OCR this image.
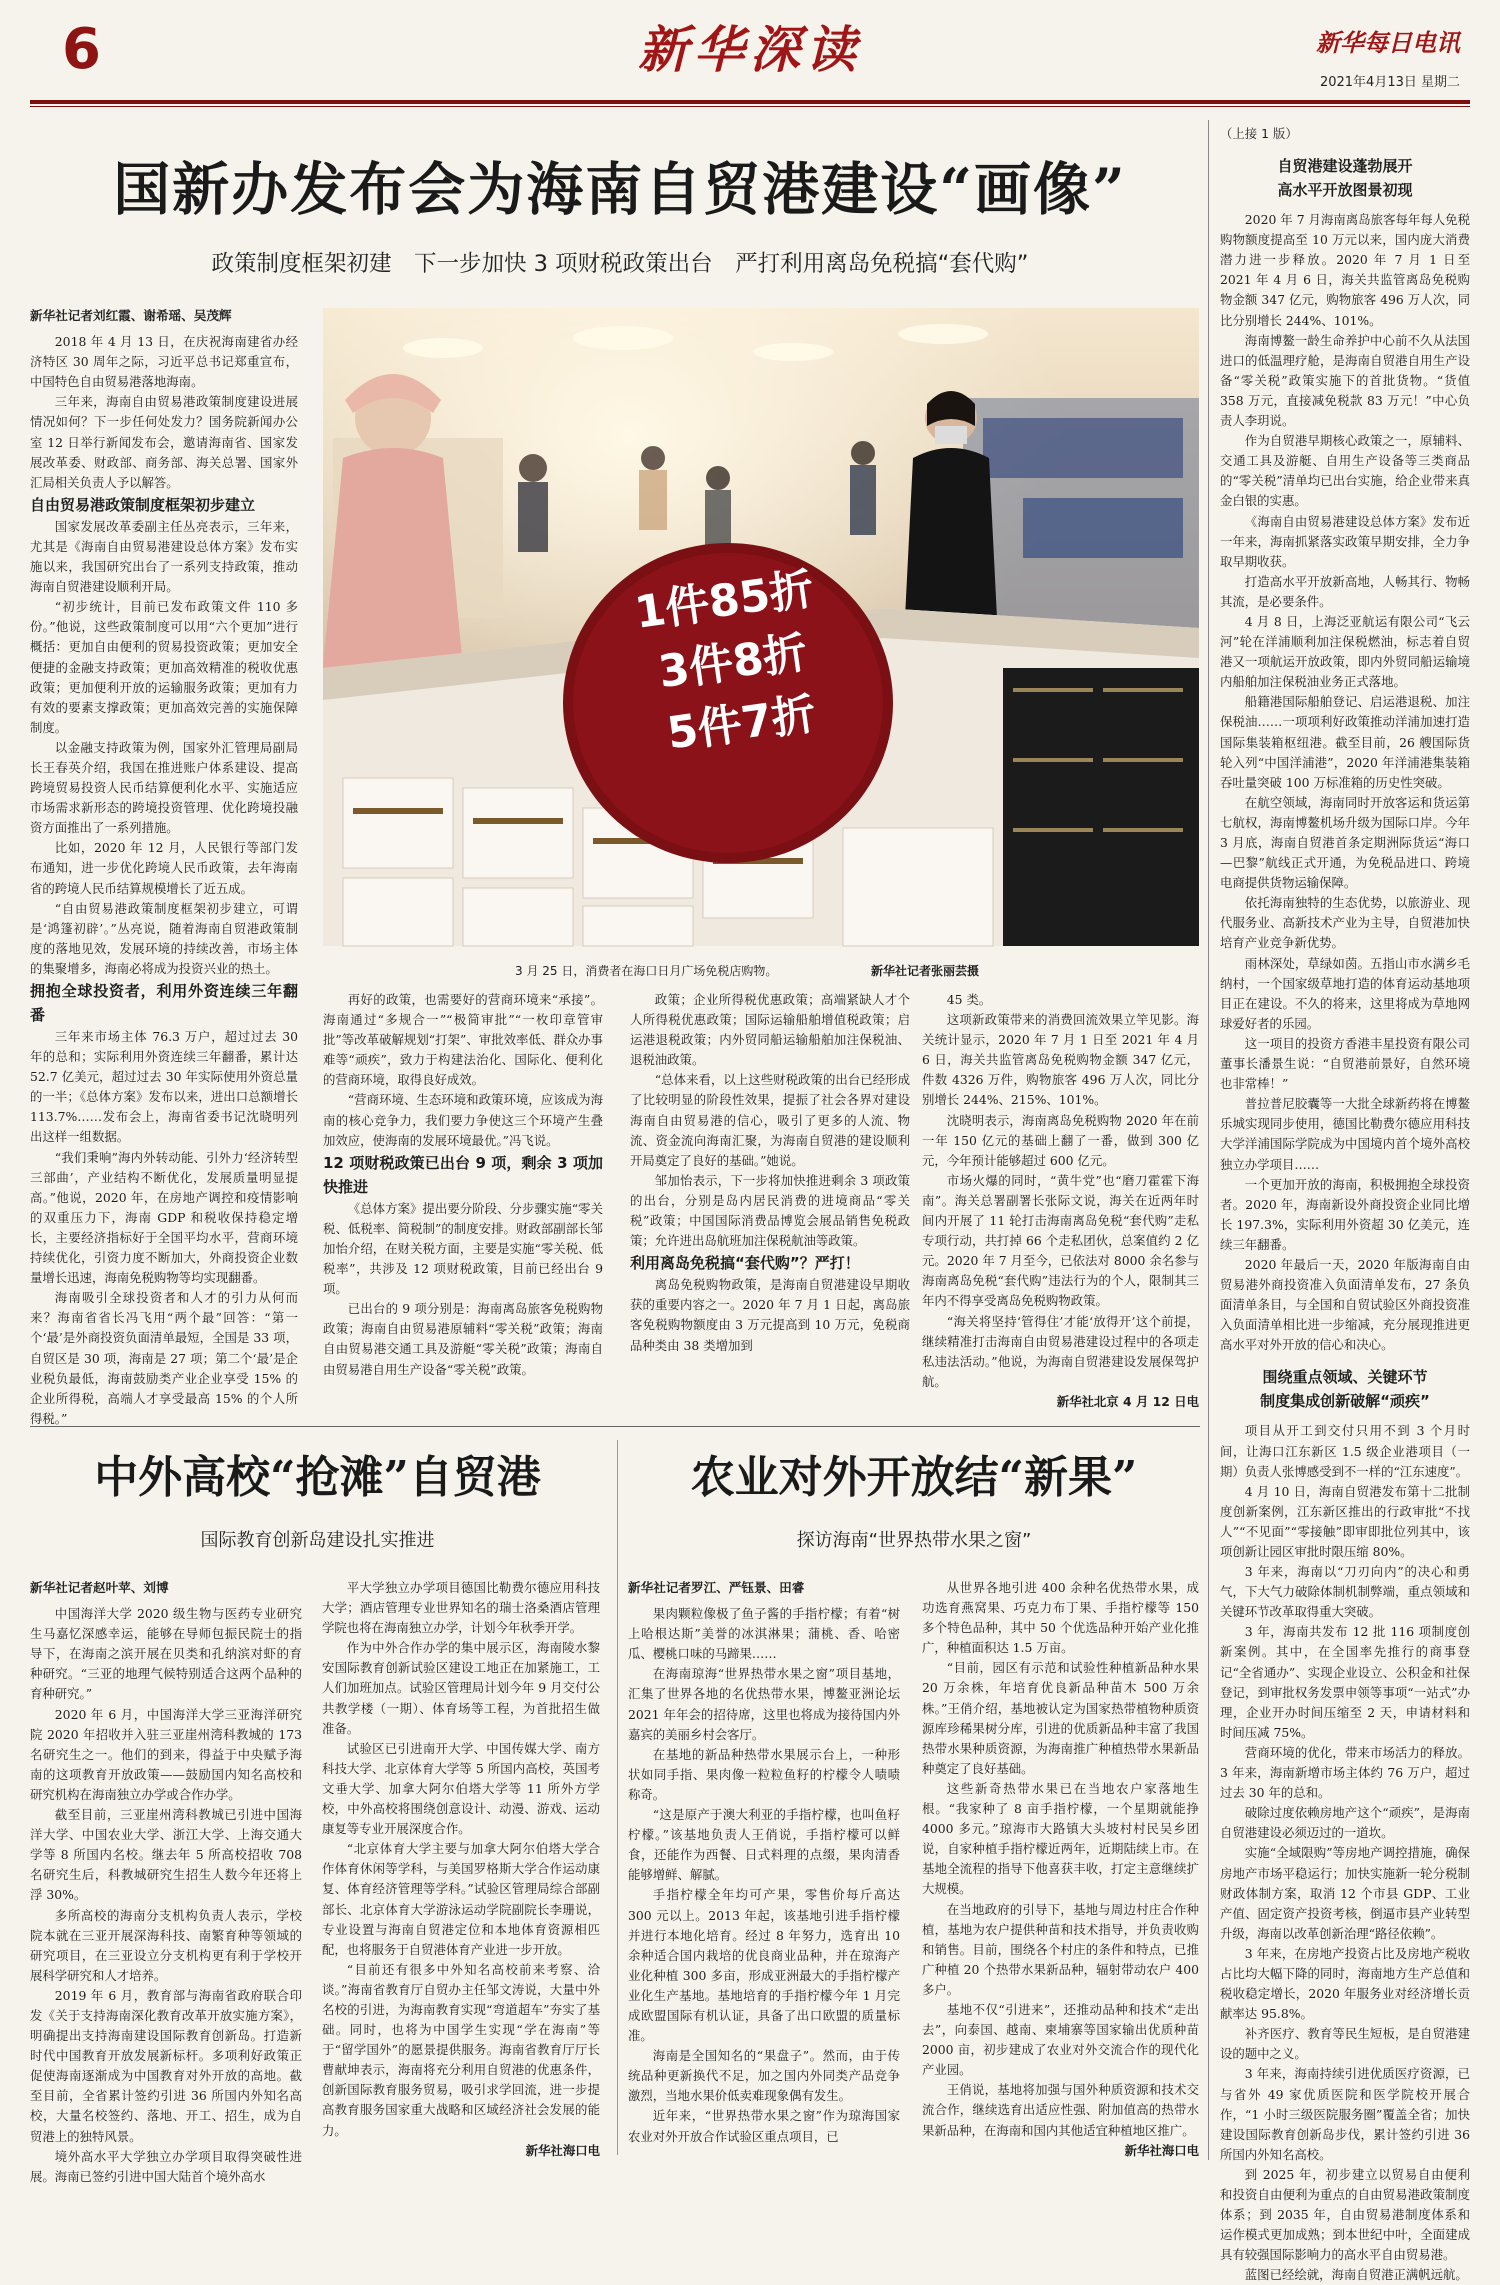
6	新华深读	新华每日电讯
2021年4月13日 星期二
国新办发布会为海南自贸港建设“画像”
政策制度框架初建　下一步加快 3 项财税政策出台　严打利用离岛免税搞“套代购”
1件85折
3件8折
5件7折
3 月 25 日，消费者在海口日月广场免税店购物。	新华社记者张丽芸摄
新华社记者刘红霞、谢希瑶、吴茂辉

2018 年 4 月 13 日，在庆祝海南建省办经济特区 30 周年之际，习近平总书记郑重宣布，中国特色自由贸易港落地海南。

三年来，海南自由贸易港政策制度建设进展情况如何？下一步任何处发力？国务院新闻办公室 12 日举行新闻发布会，邀请海南省、国家发展改革委、财政部、商务部、海关总署、国家外汇局相关负责人予以解答。

自由贸易港政策制度框架初步建立

国家发展改革委副主任丛亮表示，三年来，尤其是《海南自由贸易港建设总体方案》发布实施以来，我国研究出台了一系列支持政策，推动海南自贸港建设顺利开局。

“初步统计，目前已发布政策文件 110 多份。”他说，这些政策制度可以用“六个更加”进行概括：更加自由便利的贸易投资政策；更加安全便捷的金融支持政策；更加高效精准的税收优惠政策；更加便利开放的运输服务政策；更加有力有效的要素支撑政策；更加高效完善的实施保障制度。

以金融支持政策为例，国家外汇管理局副局长王春英介绍，我国在推进账户体系建设、提高跨境贸易投资人民币结算便利化水平、实施适应市场需求新形态的跨境投资管理、优化跨境投融资方面推出了一系列措施。

比如，2020 年 12 月，人民银行等部门发布通知，进一步优化跨境人民币政策，去年海南省的跨境人民币结算规模增长了近五成。

“自由贸易港政策制度框架初步建立，可谓是‘鸿篷初辟’。”丛亮说，随着海南自贸港政策制度的落地见效，发展环境的持续改善，市场主体的集聚增多，海南必将成为投资兴业的热土。

拥抱全球投资者，利用外资连续三年翻番

三年来市场主体 76.3 万户，超过过去 30 年的总和；实际利用外资连续三年翻番，累计达 52.7 亿美元，超过过去 30 年实际使用外资总量的一半；《总体方案》发布以来，进出口总额增长 113.7%……发布会上，海南省委书记沈晓明列出这样一组数据。

“我们秉响”海内外转动能、引外力‘经济转型三部曲’，产业结构不断优化，发展质量明显提高。”他说，2020 年，在房地产调控和疫情影响的双重压力下，海南 GDP 和税收保持稳定增长，主要经济指标好于全国平均水平，营商环境持续优化，引资力度不断加大，外商投资企业数量增长迅速，海南免税购物等均实现翻番。

海南吸引全球投资者和人才的引力从何而来？海南省省长冯飞用“两个最”回答：“第一个‘最’是外商投资负面清单最短，全国是 33 项，自贸区是 30 项，海南是 27 项；第二个‘最’是企业税负最低，海南鼓励类产业企业享受 15% 的企业所得税，高端人才享受最高 15% 的个人所得税。”

再好的政策，也需要好的营商环境来“承接”。海南通过“多规合一”“极简审批”“一枚印章管审批”等改革破解规划“打架”、审批效率低、群众办事难等“顽疾”，致力于构建法治化、国际化、便利化的营商环境，取得良好成效。

“营商环境、生态环境和政策环境，应该成为海南的核心竞争力，我们要力争使这三个环境产生叠加效应，使海南的发展环境最优。”冯飞说。

12 项财税政策已出台 9 项，剩余 3 项加快推进

《总体方案》提出要分阶段、分步骤实施“零关税、低税率、简税制”的制度安排。财政部副部长邹加怡介绍，在财关税方面，主要是实施“零关税、低税率”，共涉及 12 项财税政策，目前已经出台 9 项。

已出台的 9 项分别是：海南离岛旅客免税购物政策；海南自由贸易港原辅料“零关税”政策；海南自由贸易港交通工具及游艇“零关税”政策；海南自由贸易港自用生产设备“零关税”政策。

政策；企业所得税优惠政策；高端紧缺人才个人所得税优惠政策；国际运输船舶增值税政策；启运港退税政策；内外贸同船运输船舶加注保税油、退税油政策。

“总体来看，以上这些财税政策的出台已经形成了比较明显的阶段性效果，提振了社会各界对建设海南自由贸易港的信心，吸引了更多的人流、物流、资金流向海南汇聚，为海南自贸港的建设顺利开局奠定了良好的基础。”她说。

邹加怡表示，下一步将加快推进剩余 3 项政策的出台，分别是岛内居民消费的进境商品“零关税”政策；中国国际消费品博览会展品销售免税政策；允许进出岛航班加注保税航油等政策。

利用离岛免税搞“套代购”？严打！

离岛免税购物政策，是海南自贸港建设早期收获的重要内容之一。2020 年 7 月 1 日起，离岛旅客免税购物额度由 3 万元提高到 10 万元，免税商品种类由 38 类增加到

45 类。

这项新政策带来的消费回流效果立竿见影。海关统计显示，2020 年 7 月 1 日至 2021 年 4 月 6 日，海关共监管离岛免税购物金额 347 亿元，件数 4326 万件，购物旅客 496 万人次，同比分别增长 244%、215%、101%。

沈晓明表示，海南离岛免税购物 2020 年在前一年 150 亿元的基础上翻了一番，做到 300 亿元，今年预计能够超过 600 亿元。

市场火爆的同时，“黄牛党”也“磨刀霍霍下海南”。海关总署副署长张际文说，海关在近两年时间内开展了 11 轮打击海南离岛免税“套代购”走私专项行动，共打掉 66 个走私团伙，总案值约 2 亿元。2020 年 7 月至今，已依法对 8000 余名参与海南离岛免税“套代购”违法行为的个人，限制其三年内不得享受离岛免税购物政策。

“海关将坚持‘管得住’才能‘放得开’这个前提，继续精准打击海南自由贸易港建设过程中的各项走私违法活动。”他说，为海南自贸港建设发展保驾护航。

新华社北京 4 月 12 日电

（上接 1 版）

自贸港建设蓬勃展开

高水平开放图景初现

2020 年 7 月海南离岛旅客每年每人免税购物额度提高至 10 万元以来，国内庞大消费潜力进一步释放。2020 年 7 月 1 日至 2021 年 4 月 6 日，海关共监管离岛免税购物金额 347 亿元，购物旅客 496 万人次，同比分别增长 244%、101%。

海南博鳌一龄生命养护中心前不久从法国进口的低温理疗舱，是海南自贸港自用生产设备“零关税”政策实施下的首批货物。“货值 358 万元，直接减免税款 83 万元！”中心负责人李玥说。

作为自贸港早期核心政策之一，原辅料、交通工具及游艇、自用生产设备等三类商品的“零关税”清单均已出台实施，给企业带来真金白银的实惠。

《海南自由贸易港建设总体方案》发布近一年来，海南抓紧落实政策早期安排，全力争取早期收获。

打造高水平开放新高地，人畅其行、物畅其流，是必要条件。

4 月 8 日，上海泛亚航运有限公司“飞云河”轮在洋浦顺利加注保税燃油，标志着自贸港又一项航运开放政策，即内外贸同船运输境内船舶加注保税油业务正式落地。

船籍港国际船舶登记、启运港退税、加注保税油……一项项利好政策推动洋浦加速打造国际集装箱枢纽港。截至目前，26 艘国际货轮入列“中国洋浦港”，2020 年洋浦港集装箱吞吐量突破 100 万标准箱的历史性突破。

在航空领域，海南同时开放客运和货运第七航权，海南博鳌机场升级为国际口岸。今年 3 月底，海南自贸港首条定期洲际货运“海口—巴黎”航线正式开通，为免税品进口、跨境电商提供货物运输保障。

依托海南独特的生态优势，以旅游业、现代服务业、高新技术产业为主导，自贸港加快培育产业竞争新优势。

雨林深处，草绿如茵。五指山市水满乡毛纳村，一个国家级草地打造的体育运动基地项目正在建设。不久的将来，这里将成为草地网球爱好者的乐园。

这一项目的投资方香港丰星投资有限公司董事长潘景生说：“自贸港前景好，自然环境也非常棒！”

普拉普尼胶囊等一大批全球新药将在博鳌乐城实现同步使用，德国比勒费尔德应用科技大学洋浦国际学院成为中国境内首个境外高校独立办学项目……

一个更加开放的海南，积极拥抱全球投资者。2020 年，海南新设外商投资企业同比增长 197.3%，实际利用外资超 30 亿美元，连续三年翻番。

2020 年最后一天，2020 年版海南自由贸易港外商投资准入负面清单发布，27 条负面清单条目，与全国和自贸试验区外商投资准入负面清单相比进一步缩减，充分展现推进更高水平对外开放的信心和决心。

围绕重点领域、关键环节

制度集成创新破解“顽疾”

项目从开工到交付只用不到 3 个月时间，让海口江东新区 1.5 级企业港项目（一期）负责人张博感受到不一样的“江东速度”。

4 月 10 日，海南自贸港发布第十二批制度创新案例，江东新区推出的行政审批“不找人”“不见面”“零接触”即审即批位列其中，该项创新让园区审批时限压缩 80%。

3 年来，海南以“刀刃向内”的决心和勇气，下大气力破除体制机制弊端，重点领域和关键环节改革取得重大突破。

3 年，海南共发布 12 批 116 项制度创新案例。其中，在全国率先推行的商事登记“全省通办”、实现企业设立、公积金和社保登记，到审批权务发票申领等事项“一站式”办理，企业开办时间压缩至 2 天，申请材料和时间压减 75%。

营商环境的优化，带来市场活力的释放。3 年来，海南新增市场主体约 76 万户，超过过去 30 年的总和。

破除过度依赖房地产这个“顽疾”，是海南自贸港建设必须迈过的一道坎。

实施“全域限购”等房地产调控措施，确保房地产市场平稳运行；加快实施新一轮分税制财政体制方案，取消 12 个市县 GDP、工业产值、固定资产投资考核，倒逼市县产业转型升级，海南以改革创新治理“路径依赖”。

3 年来，在房地产投资占比及房地产税收占比均大幅下降的同时，海南地方生产总值和税收稳定增长，2020 年服务业对经济增长贡献率达 95.8%。

补齐医疗、教育等民生短板，是自贸港建设的题中之义。

3 年来，海南持续引进优质医疗资源，已与省外 49 家优质医院和医学院校开展合作，“1 小时三级医院服务圈”覆盖全省；加快建设国际教育创新岛步伐，累计签约引进 36 所国内外知名高校。

到 2025 年，初步建立以贸易自由便利和投资自由便利为重点的自由贸易港政策制度体系；到 2035 年，自由贸易港制度体系和运作模式更加成熟；到本世纪中叶，全面建成具有较强国际影响力的高水平自由贸易港。

蓝图已经绘就，海南自贸港正满帆远航。

中外高校“抢滩”自贸港
国际教育创新岛建设扎实推进
新华社记者赵叶苹、刘博

中国海洋大学 2020 级生物与医药专业研究生马嘉忆深感幸运，能够在导师包振民院士的指导下，在海南之滨开展在贝类和孔纳滨对虾的育种研究。“三亚的地理气候特别适合这两个品种的育种研究。”

2020 年 6 月，中国海洋大学三亚海洋研究院 2020 年招收并入驻三亚崖州湾科教城的 173 名研究生之一。他们的到来，得益于中央赋予海南的这项教育开放政策——鼓励国内知名高校和研究机构在海南独立办学或合作办学。

截至目前，三亚崖州湾科教城已引进中国海洋大学、中国农业大学、浙江大学、上海交通大学等 8 所国内名校。继去年 5 所高校招收 708 名研究生后，科教城研究生招生人数今年还将上浮 30%。

多所高校的海南分支机构负责人表示，学校院本就在三亚开展深海科技、南繁育种等领域的研究项目，在三亚设立分支机构更有利于学校开展科学研究和人才培养。

2019 年 6 月，教育部与海南省政府联合印发《关于支持海南深化教育改革开放实施方案》，明确提出支持海南建设国际教育创新岛。打造新时代中国教育开放发展新标杆。多项利好政策正促使海南逐渐成为中国教育对外开放的高地。截至目前，全省累计签约引进 36 所国内外知名高校，大量名校签约、落地、开工、招生，成为自贸港上的独特风景。

境外高水平大学独立办学项目取得突破性进展。海南已签约引进中国大陆首个境外高水

平大学独立办学项目德国比勒费尔德应用科技大学；酒店管理专业世界知名的瑞士洛桑酒店管理学院也将在海南独立办学，计划今年秋季开学。

作为中外合作办学的集中展示区，海南陵水黎安国际教育创新试验区建设工地正在加紧施工，工人们加班加点。试验区管理局计划今年 9 月交付公共教学楼（一期）、体育场等工程，为首批招生做准备。

试验区已引进南开大学、中国传媒大学、南方科技大学、北京体育大学等 5 所国内高校，英国考文垂大学、加拿大阿尔伯塔大学等 11 所外方学校，中外高校将围绕创意设计、动漫、游戏、运动康复等专业开展深度合作。

“北京体育大学主要与加拿大阿尔伯塔大学合作体育休闲等学科，与美国罗格斯大学合作运动康复、体育经济管理等学科。”试验区管理局综合部副部长、北京体育大学游泳运动学院副院长李珊说，专业设置与海南自贸港定位和本地体育资源相匹配，也将服务于自贸港体育产业进一步开放。

“目前还有很多中外知名高校前来考察、洽谈。”海南省教育厅自贸办主任邹文涛说，大量中外名校的引进，为海南教育实现“弯道超车”夯实了基础。同时，也将为中国学生实现“学在海南”等于“留学国外”的愿景提供服务。海南省教育厅厅长曹献坤表示，海南将充分利用自贸港的优惠条件，创新国际教育服务贸易，吸引求学回流，进一步提高教育服务国家重大战略和区域经济社会发展的能力。

新华社海口电

农业对外开放结“新果”
探访海南“世界热带水果之窗”
新华社记者罗江、严钰景、田睿

果肉颗粒像极了鱼子酱的手指柠檬；有着“树上哈根达斯”美誉的冰淇淋果；蒲桃、香、哈密瓜、樱桃口味的马蹄果……

在海南琼海“世界热带水果之窗”项目基地，汇集了世界各地的名优热带水果，博鳌亚洲论坛 2021 年年会的招待席，这里也将成为接待国内外嘉宾的美丽乡村会客厅。

在基地的新品种热带水果展示台上，一种形状如同手指、果肉像一粒粒鱼籽的柠檬令人啧啧称奇。

“这是原产于澳大利亚的手指柠檬，也叫鱼籽柠檬。”该基地负责人王俏说，手指柠檬可以鲜食，还能作为西餐、日式料理的点缀，果肉清香能够增鲜、解腻。

手指柠檬全年均可产果，零售价每斤高达 300 元以上。2013 年起，该基地引进手指柠檬并进行本地化培育。经过 8 年努力，选育出 10 余种适合国内栽培的优良商业品种，并在琼海产业化种植 300 多亩，形成亚洲最大的手指柠檬产业化生产基地。基地培育的手指柠檬今年 1 月完成欧盟国际有机认证，具备了出口欧盟的质量标准。

海南是全国知名的“果盘子”。然而，由于传统品种更新换代不足，加之国内外同类产品竞争激烈，当地水果价低卖难现象偶有发生。

近年来，“世界热带水果之窗”作为琼海国家农业对外开放合作试验区重点项目，已

从世界各地引进 400 余种名优热带水果，成功选育燕窝果、巧克力布丁果、手指柠檬等 150 多个特色品种，其中 50 个优选品种开始产业化推广，种植面积达 1.5 万亩。

“目前，园区有示范和试验性种植新品种水果 20 万余株，年培育优良新品种苗木 500 万余株。”王俏介绍，基地被认定为国家热带植物种质资源库珍稀果树分库，引进的优质新品种丰富了我国热带水果种质资源，为海南推广种植热带水果新品种奠定了良好基础。

这些新奇热带水果已在当地农户家落地生根。“我家种了 8 亩手指柠檬，一个星期就能挣 4000 多元。”琼海市大路镇大头坡村村民吴乡团说，自家种植手指柠檬近两年，近期陆续上市。在基地全流程的指导下他喜获丰收，打定主意继续扩大规模。

在当地政府的引导下，基地与周边村庄合作种植，基地为农户提供种苗和技术指导，并负责收购和销售。目前，围绕各个村庄的条件和特点，已推广种植 20 个热带水果新品种，辐射带动农户 400 多户。

基地不仅“引进来”，还推动品种和技术“走出去”，向泰国、越南、柬埔寨等国家输出优质种苗 2000 亩，初步建成了农业对外交流合作的现代化产业园。

王俏说，基地将加强与国外种质资源和技术交流合作，继续选育出适应性强、附加值高的热带水果新品种，在海南和国内其他适宜种植地区推广。

新华社海口电
